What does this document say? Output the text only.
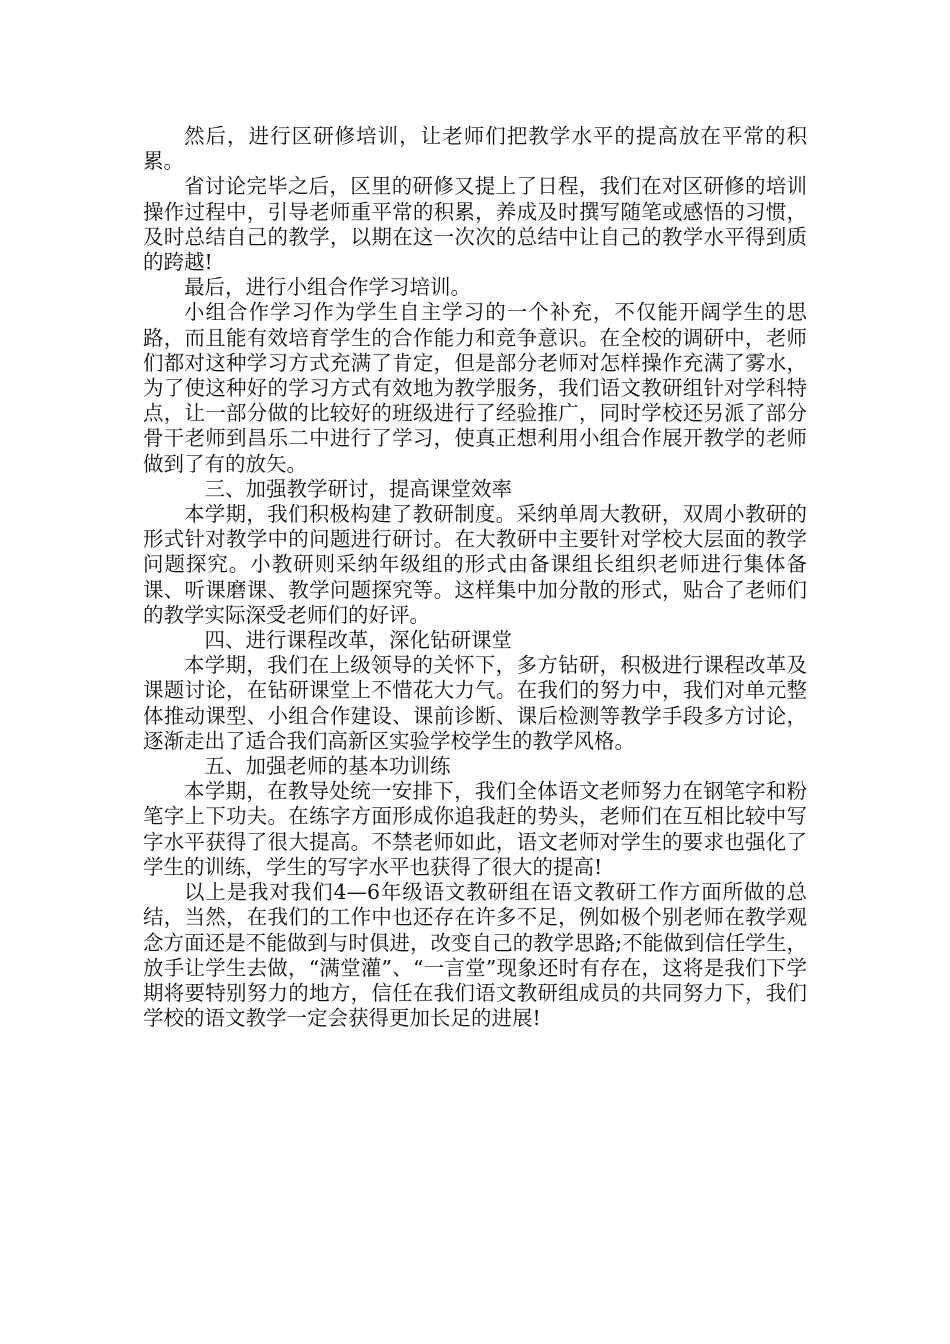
然后，进行区研修培训，让老师们把教学水平的提高放在平常的积累。

省讨论完毕之后，区里的研修又提上了日程，我们在对区研修的培训操作过程中，引导老师重平常的积累，养成及时撰写随笔或感悟的习惯，及时总结自己的教学，以期在这一次次的总结中让自己的教学水平得到质的跨越!

最后，进行小组合作学习培训。

小组合作学习作为学生自主学习的一个补充，不仅能开阔学生的思路，而且能有效培育学生的合作能力和竞争意识。在全校的调研中，老师们都对这种学习方式充满了肯定，但是部分老师对怎样操作充满了雾水，为了使这种好的学习方式有效地为教学服务，我们语文教研组针对学科特点，让一部分做的比较好的班级进行了经验推广，同时学校还另派了部分骨干老师到昌乐二中进行了学习，使真正想利用小组合作展开教学的老师做到了有的放矢。

三、加强教学研讨，提高课堂效率

本学期，我们积极构建了教研制度。采纳单周大教研，双周小教研的形式针对教学中的问题进行研讨。在大教研中主要针对学校大层面的教学问题探究。小教研则采纳年级组的形式由备课组长组织老师进行集体备课、听课磨课、教学问题探究等。这样集中加分散的形式，贴合了老师们的教学实际深受老师们的好评。

四、进行课程改革，深化钻研课堂

本学期，我们在上级领导的关怀下，多方钻研，积极进行课程改革及课题讨论，在钻研课堂上不惜花大力气。在我们的努力中，我们对单元整体推动课型、小组合作建设、课前诊断、课后检测等教学手段多方讨论，逐渐走出了适合我们高新区实验学校学生的教学风格。

五、加强老师的基本功训练

本学期，在教导处统一安排下，我们全体语文老师努力在钢笔字和粉笔字上下功夫。在练字方面形成你追我赶的势头，老师们在互相比较中写字水平获得了很大提高。不禁老师如此，语文老师对学生的要求也强化了学生的训练，学生的写字水平也获得了很大的提高!

以上是我对我们4—6年级语文教研组在语文教研工作方面所做的总结，当然，在我们的工作中也还存在许多不足，例如极个别老师在教学观念方面还是不能做到与时俱进，改变自己的教学思路;不能做到信任学生，放手让学生去做，“满堂灌”、“一言堂”现象还时有存在，这将是我们下学期将要特别努力的地方，信任在我们语文教研组成员的共同努力下，我们学校的语文教学一定会获得更加长足的进展!
